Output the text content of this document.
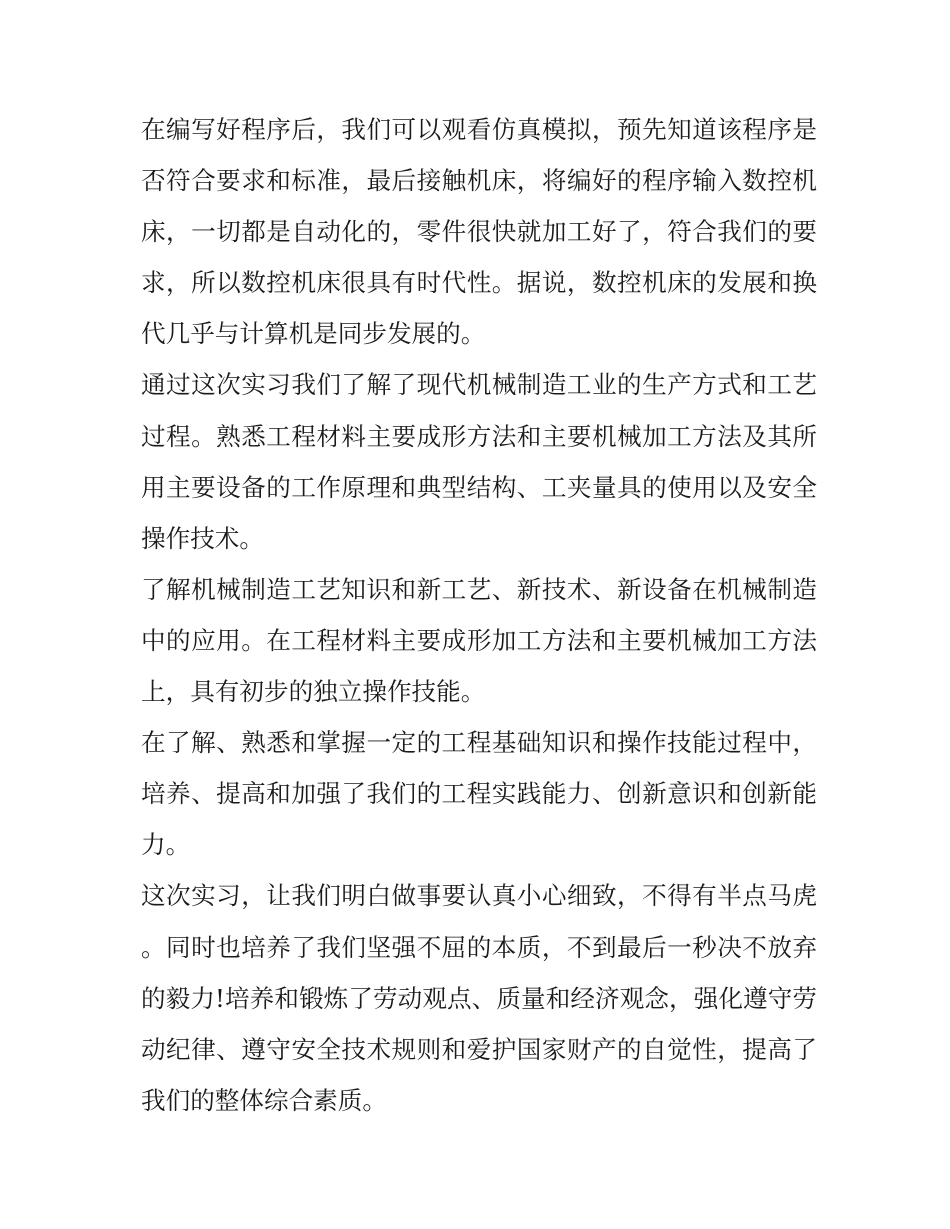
在编写好程序后，我们可以观看仿真模拟，预先知道该程序是否符合要求和标准，最后接触机床，将编好的程序输入数控机床，一切都是自动化的，零件很快就加工好了，符合我们的要求，所以数控机床很具有时代性。据说，数控机床的发展和换代几乎与计算机是同步发展的。

通过这次实习我们了解了现代机械制造工业的生产方式和工艺过程。熟悉工程材料主要成形方法和主要机械加工方法及其所用主要设备的工作原理和典型结构、工夹量具的使用以及安全操作技术。

了解机械制造工艺知识和新工艺、新技术、新设备在机械制造中的应用。在工程材料主要成形加工方法和主要机械加工方法上，具有初步的独立操作技能。

在了解、熟悉和掌握一定的工程基础知识和操作技能过程中，培养、提高和加强了我们的工程实践能力、创新意识和创新能力。

这次实习，让我们明白做事要认真小心细致，不得有半点马虎。同时也培养了我们坚强不屈的本质，不到最后一秒决不放弃的毅力!培养和锻炼了劳动观点、质量和经济观念，强化遵守劳动纪律、遵守安全技术规则和爱护国家财产的自觉性，提高了我们的整体综合素质。
